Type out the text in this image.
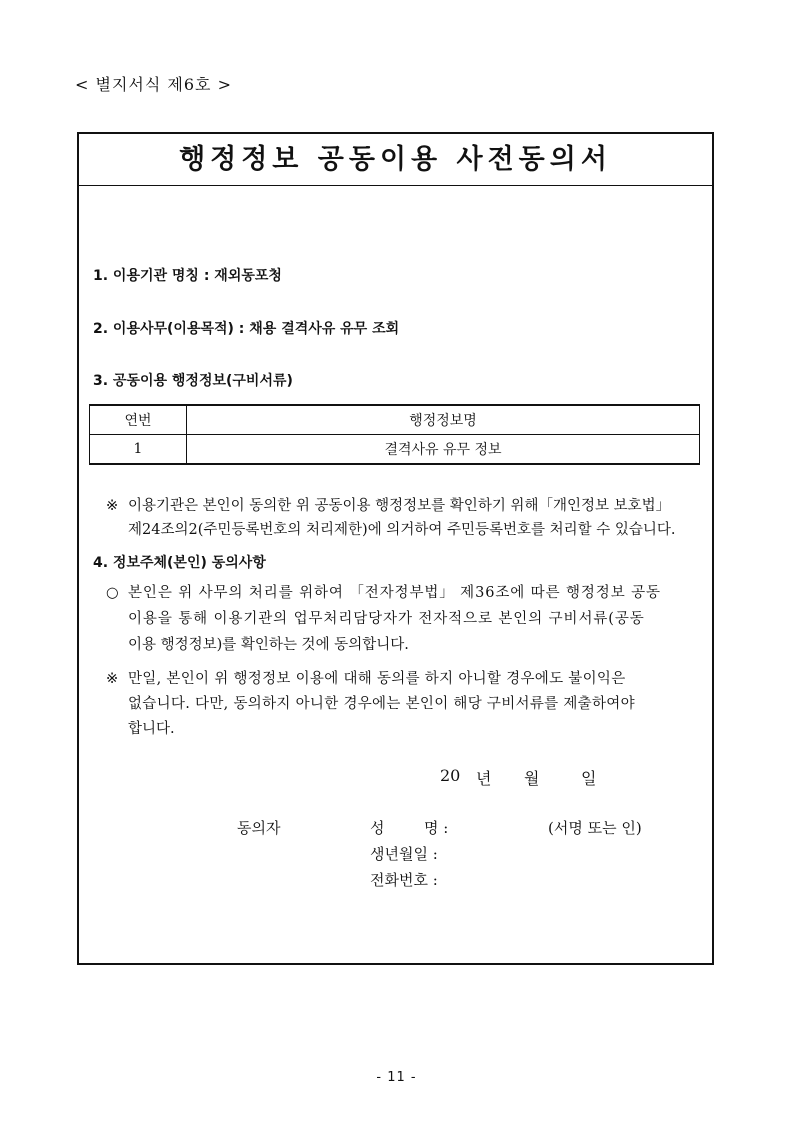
< 별지서식 제6호 >
행정정보 공동이용 사전동의서
1. 이용기관 명칭 : 재외동포청
2. 이용사무(이용목적) : 채용 결격사유 유무 조회
3. 공동이용 행정정보(구비서류)
연번	행정정보명
1	결격사유 유무 정보
※ 이용기관은 본인이 동의한 위 공동이용 행정정보를 확인하기 위해「개인정보 보호법」
제24조의2(주민등록번호의 처리제한)에 의거하여 주민등록번호를 처리할 수 있습니다.
4. 정보주체(본인) 동의사항
○ 본인은 위 사무의 처리를 위하여 「전자정부법」 제36조에 따른 행정정보 공동
이용을 통해 이용기관의 업무처리담당자가 전자적으로 본인의 구비서류(공동
이용 행정정보)를 확인하는 것에 동의합니다.
※ 만일, 본인이 위 행정정보 이용에 대해 동의를 하지 아니할 경우에도 불이익은
없습니다. 다만, 동의하지 아니한 경우에는 본인이 해당 구비서류를 제출하여야
합니다.
20 년 월	일
동의자	성	명 :	(서명 또는 인)
생년월일 :
전화번호 :
- 11 -
